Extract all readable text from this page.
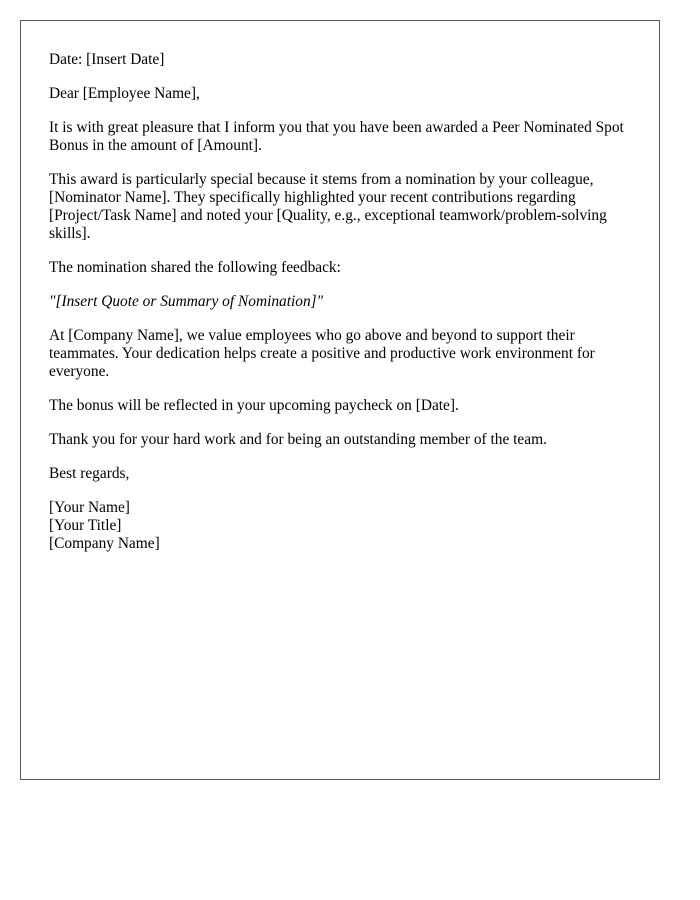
Date: [Insert Date]

Dear [Employee Name],

It is with great pleasure that I inform you that you have been awarded a Peer Nominated Spot Bonus in the amount of [Amount].

This award is particularly special because it stems from a nomination by your colleague, [Nominator Name]. They specifically highlighted your recent contributions regarding [Project/Task Name] and noted your [Quality, e.g., exceptional teamwork/problem-solving skills].

The nomination shared the following feedback:

"[Insert Quote or Summary of Nomination]"

At [Company Name], we value employees who go above and beyond to support their teammates. Your dedication helps create a positive and productive work environment for everyone.

The bonus will be reflected in your upcoming paycheck on [Date].

Thank you for your hard work and for being an outstanding member of the team.

Best regards,

[Your Name]
[Your Title]
[Company Name]
